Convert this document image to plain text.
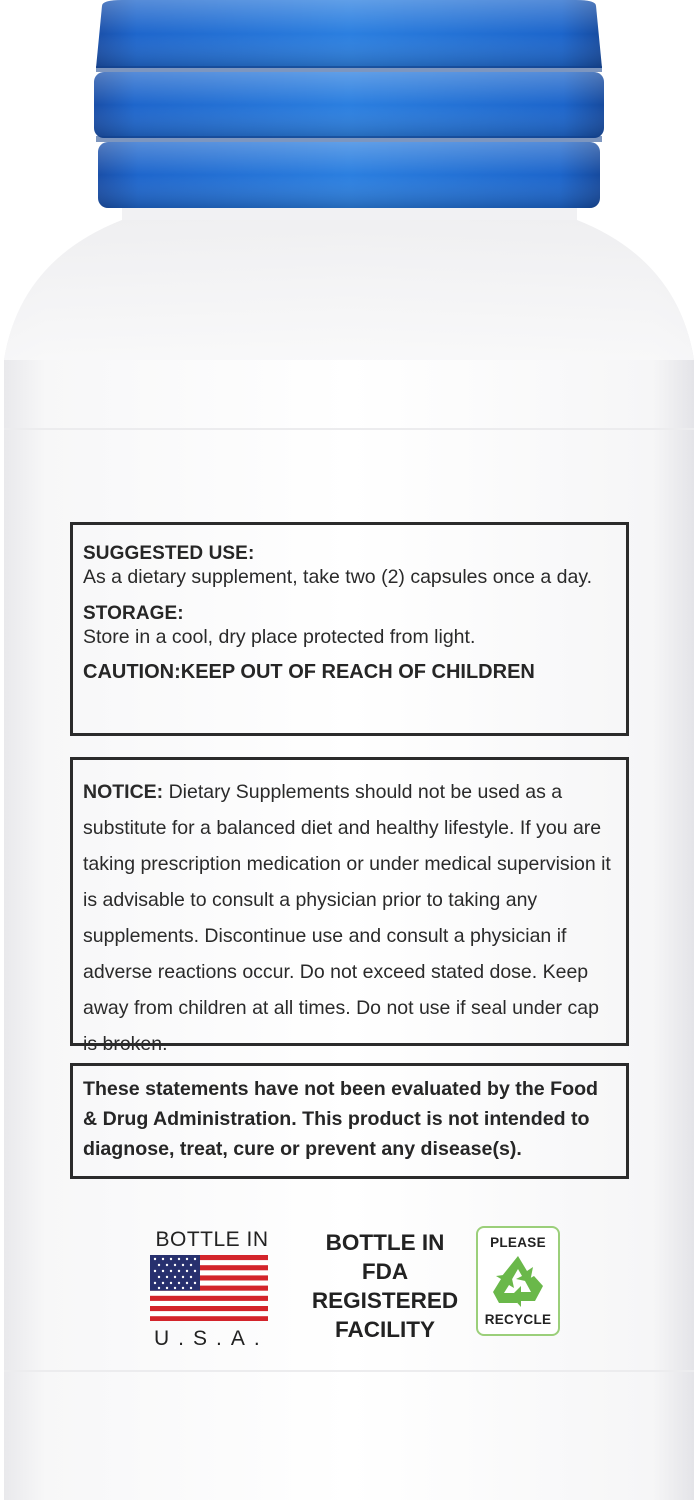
SUGGESTED USE:
As a dietary supplement, take two (2) capsules once a day.
STORAGE:
Store in a cool, dry place protected from light.
CAUTION:KEEP OUT OF REACH OF CHILDREN
NOTICE: Dietary Supplements should not be used as a substitute for a balanced diet and healthy lifestyle. If you are taking prescription medication or under medical supervision it is advisable to consult a physician prior to taking any supplements. Discontinue use and consult a physician if adverse reactions occur. Do not exceed stated dose. Keep away from children at all times. Do not use if seal under cap is broken.
These statements have not been evaluated by the Food & Drug Administration. This product is not intended to diagnose, treat, cure or prevent any disease(s).
BOTTLE IN
U.S.A.
BOTTLE IN
FDA
REGISTERED
FACILITY
PLEASE
RECYCLE
